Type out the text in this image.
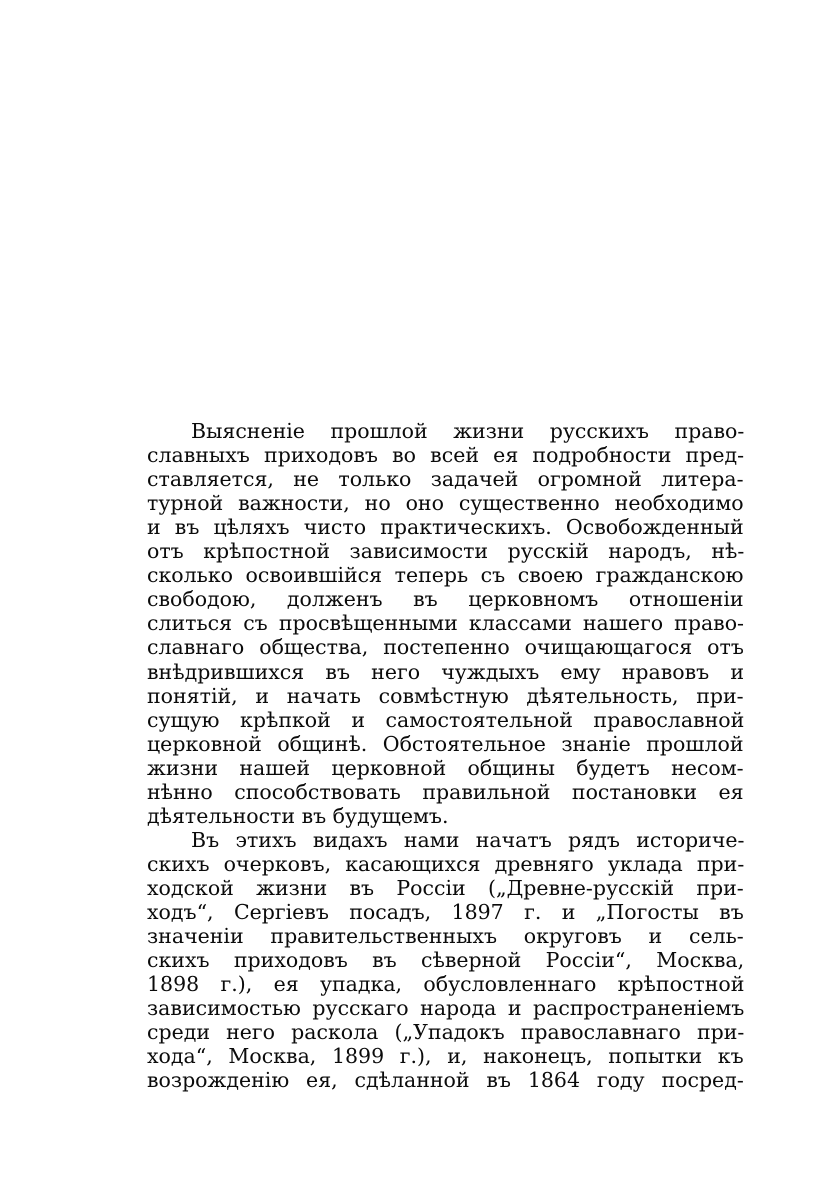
Выясненіе прошлой жизни русскихъ право-
славныхъ приходовъ во всей ея подробности пред-
ставляется, не только задачей огромной литера-
турной важности, но оно существенно необходимо
и въ цѣляхъ чисто практическихъ. Освобожденный
отъ крѣпостной зависимости русскій народъ, нѣ-
сколько освоившійся теперь съ своею гражданскою
свободою, долженъ въ церковномъ отношеніи
слиться съ просвѣщенными классами нашего право-
славнаго общества, постепенно очищающагося отъ
внѣдрившихся въ него чуждыхъ ему нравовъ и
понятій, и начать совмѣстную дѣятельность, при-
сущую крѣпкой и самостоятельной православной
церковной общинѣ. Обстоятельное знаніе прошлой
жизни нашей церковной общины будетъ несом-
нѣнно способствовать правильной постановки ея
дѣятельности въ будущемъ.
Въ этихъ видахъ нами начатъ рядъ историче-
скихъ очерковъ, касающихся древняго уклада при-
ходской жизни въ Россіи („Древне-русскій при-
ходъ“, Сергіевъ посадъ, 1897 г. и „Погосты въ
значеніи правительственныхъ округовъ и сель-
скихъ приходовъ въ сѣверной Россіи“, Москва,
1898 г.), ея упадка, обусловленнаго крѣпостной
зависимостью русскаго народа и распространеніемъ
среди него раскола („Упадокъ православнаго при-
хода“, Москва, 1899 г.), и, наконецъ, попытки къ
возрожденію ея, сдѣланной въ 1864 году посред-
